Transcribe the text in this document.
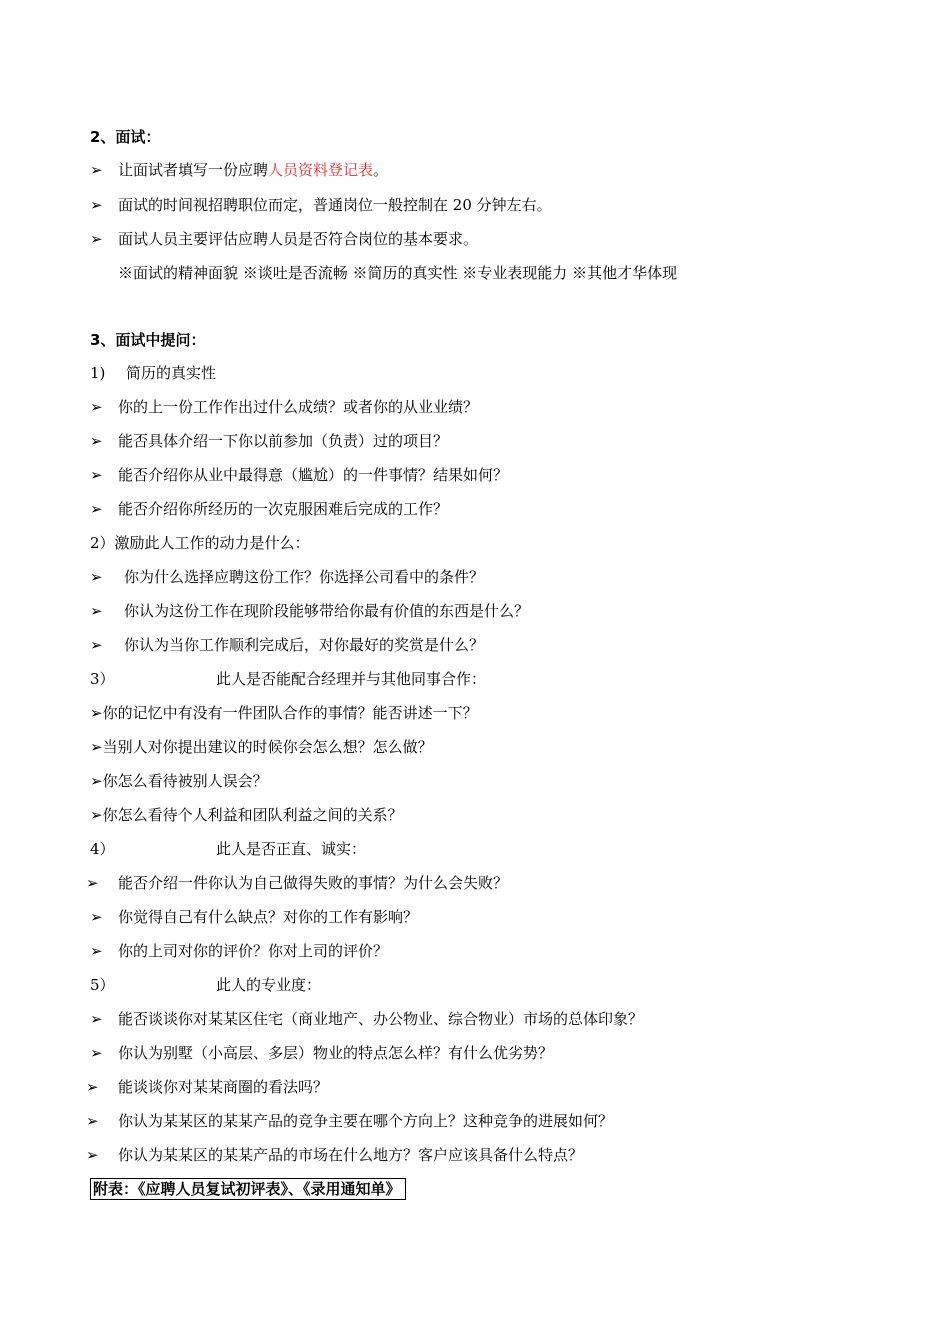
2、面试：
➢ 让面试者填写一份应聘人员资料登记表。
➢ 面试的时间视招聘职位而定，普通岗位一般控制在 20 分钟左右。
➢ 面试人员主要评估应聘人员是否符合岗位的基本要求。
※面试的精神面貌 ※谈吐是否流畅 ※简历的真实性 ※专业表现能力 ※其他才华体现
3、面试中提问：
1) 简历的真实性
➢ 你的上一份工作作出过什么成绩？或者你的从业业绩？
➢ 能否具体介绍一下你以前参加（负责）过的项目？
➢ 能否介绍你从业中最得意（尴尬）的一件事情？结果如何？
➢ 能否介绍你所经历的一次克服困难后完成的工作？
2）激励此人工作的动力是什么：
➢ 你为什么选择应聘这份工作？你选择公司看中的条件？
➢ 你认为这份工作在现阶段能够带给你最有价值的东西是什么？
➢ 你认为当你工作顺利完成后，对你最好的奖赏是什么？
3）	此人是否能配合经理并与其他同事合作：
➢你的记忆中有没有一件团队合作的事情？能否讲述一下？
➢当别人对你提出建议的时候你会怎么想？怎么做？
➢你怎么看待被别人误会？
➢你怎么看待个人利益和团队利益之间的关系？
4）	此人是否正直、诚实：
➢ 能否介绍一件你认为自己做得失败的事情？为什么会失败？
➢ 你觉得自己有什么缺点？对你的工作有影响？
➢ 你的上司对你的评价？你对上司的评价？
5）	此人的专业度：
➢ 能否谈谈你对某某区住宅（商业地产、办公物业、综合物业）市场的总体印象？
➢ 你认为别墅（小高层、多层）物业的特点怎么样？有什么优劣势？
➢ 能谈谈你对某某商圈的看法吗？
➢ 你认为某某区的某某产品的竞争主要在哪个方向上？这种竞争的进展如何？
➢ 你认为某某区的某某产品的市场在什么地方？客户应该具备什么特点？
附表：《应聘人员复试初评表》、《录用通知单》
